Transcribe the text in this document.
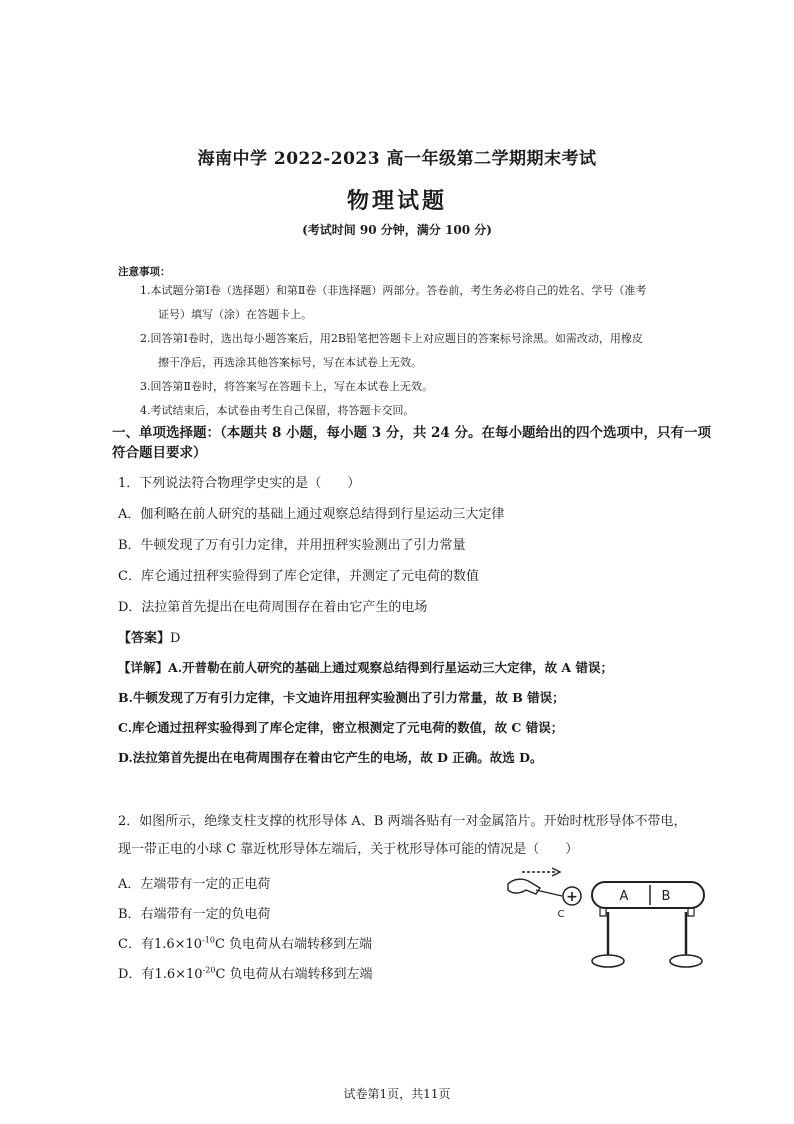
海南中学 2022-2023 高一年级第二学期期末考试
物理试题
(考试时间 90 分钟，满分 100 分)
注意事项：
1.本试题分第Ⅰ卷（选择题）和第Ⅱ卷（非选择题）两部分。答卷前，考生务必将自己的姓名、学号（准考
证号）填写（涂）在答题卡上。
2.回答第Ⅰ卷时，选出每小题答案后，用2B铅笔把答题卡上对应题目的答案标号涂黑。如需改动，用橡皮
擦干净后，再选涂其他答案标号，写在本试卷上无效。
3.回答第Ⅱ卷时，将答案写在答题卡上，写在本试卷上无效。
4.考试结束后，本试卷由考生自己保留，将答题卡交回。
一、单项选择题：（本题共 8 小题，每小题 3 分，共 24 分。在每小题给出的四个选项中，只有一项符合题目要求）
1．下列说法符合物理学史实的是（　　）
A．伽利略在前人研究的基础上通过观察总结得到行星运动三大定律
B．牛顿发现了万有引力定律，并用扭秤实验测出了引力常量
C．库仑通过扭秤实验得到了库仑定律，并测定了元电荷的数值
D．法拉第首先提出在电荷周围存在着由它产生的电场
【答案】D
【详解】A.开普勒在前人研究的基础上通过观察总结得到行星运动三大定律，故 A 错误；
B.牛顿发现了万有引力定律，卡文迪许用扭秤实验测出了引力常量，故 B 错误；
C.库仑通过扭秤实验得到了库仑定律，密立根测定了元电荷的数值，故 C 错误；
D.法拉第首先提出在电荷周围存在着由它产生的电场，故 D 正确。故选 D。
2．如图所示，绝缘支柱支撑的枕形导体 A、B 两端各贴有一对金属箔片。开始时枕形导体不带电，
现一带正电的小球 C 靠近枕形导体左端后，关于枕形导体可能的情况是（　　）
A．左端带有一定的正电荷
B．右端带有一定的负电荷
C．有$1.6\times 10^{-10}C$ 负电荷从右端转移到左端
D．有$1.6\times 10^{-20}C$ 负电荷从右端转移到左端
+
C
A	B
试卷第1页，共11页
